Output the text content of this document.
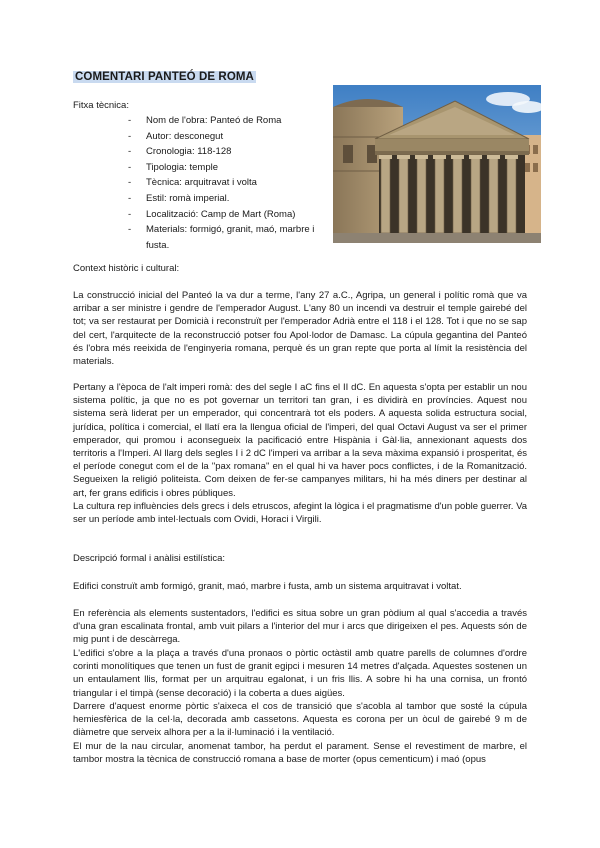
COMENTARI PANTEÓ DE ROMA
Fitxa tècnica:
- Nom de l'obra: Panteó de Roma
- Autor: desconegut
- Cronologia: 118-128
- Tipologia: temple
- Tècnica: arquitravat i volta
- Estil: romà imperial.
- Localització: Camp de Mart (Roma)
- Materials: formigó, granit, maó, marbre i fusta.
Context històric i cultural:

La construcció inicial del Panteó la va dur a terme, l'any 27 a.C., Agripa, un general i polític romà que va arribar a ser ministre i gendre de l'emperador August. L'any 80 un incendi va destruir el temple gairebé del tot; va ser restaurat per Domicià i reconstruït per l'emperador Adrià entre el 118 i el 128. Tot i que no se sap del cert, l'arquitecte de la reconstrucció potser fou Apol·lodor de Damasc. La cúpula gegantina del Panteó és l'obra més reeixida de l'enginyeria romana, perquè és un gran repte que porta al límit la resistència del materials.

Pertany a l'època de l'alt imperi romà: des del segle I aC fins el II dC. En aquesta s'opta per establir un nou sistema polític, ja que no es pot governar un territori tan gran, i es dividirà en províncies. Aquest nou sistema serà liderat per un emperador, qui concentrarà tot els poders. A aquesta solida estructura social, jurídica, política i comercial, el llatí era la llengua oficial de l'imperi, del qual Octavi August va ser el primer emperador, qui promou i aconsegueix la pacificació entre Hispània i Gàl·lia, annexionant aquests dos territoris a l'Imperi. Al llarg dels segles I i 2 dC l'imperi va arribar a la seva màxima expansió i prosperitat, és el període conegut com el de la "pax romana" en el qual hi va haver pocs conflictes, i de la Romanització. Segueixen la religió politeista. Com deixen de fer-se campanyes militars, hi ha més diners per destinar al art, fer grans edificis i obres públiques.

La cultura rep influències dels grecs i dels etruscos, afegint la lògica i el pragmatisme d'un poble guerrer. Va ser un període amb intel·lectuals com Ovidi, Horaci i Virgili.

Descripció formal i anàlisi estilística:

Edifici construït amb formigó, granit, maó, marbre i fusta, amb un sistema arquitravat i voltat.

En referència als elements sustentadors, l'edifici es situa sobre un gran pòdium al qual s'accedia a través d'una gran escalinata frontal, amb vuit pilars a l'interior del mur i arcs que dirigeixen el pes. Aquests són de mig punt i de descàrrega.

L'edifici s'obre a la plaça a través d'una pronaos o pòrtic octàstil amb quatre parells de columnes d'ordre corinti monolítiques que tenen un fust de granit egipci i mesuren 14 metres d'alçada. Aquestes sostenen un un entaulament llis, format per un arquitrau egalonat, i un fris llis. A sobre hi ha una cornisa, un frontó triangular i el timpà (sense decoració) i la coberta a dues aigües.

Darrere d'aquest enorme pòrtic s'aixeca el cos de transició que s'acobla al tambor que sosté la cúpula hemiesfèrica de la cel·la, decorada amb cassetons. Aquesta es corona per un òcul de gairebé 9 m de diàmetre que serveix alhora per a la il·luminació i la ventilació.

El mur de la nau circular, anomenat tambor, ha perdut el parament. Sense el revestiment de marbre, el tambor mostra la tècnica de construcció romana a base de morter (opus cementicum) i maó (opus
